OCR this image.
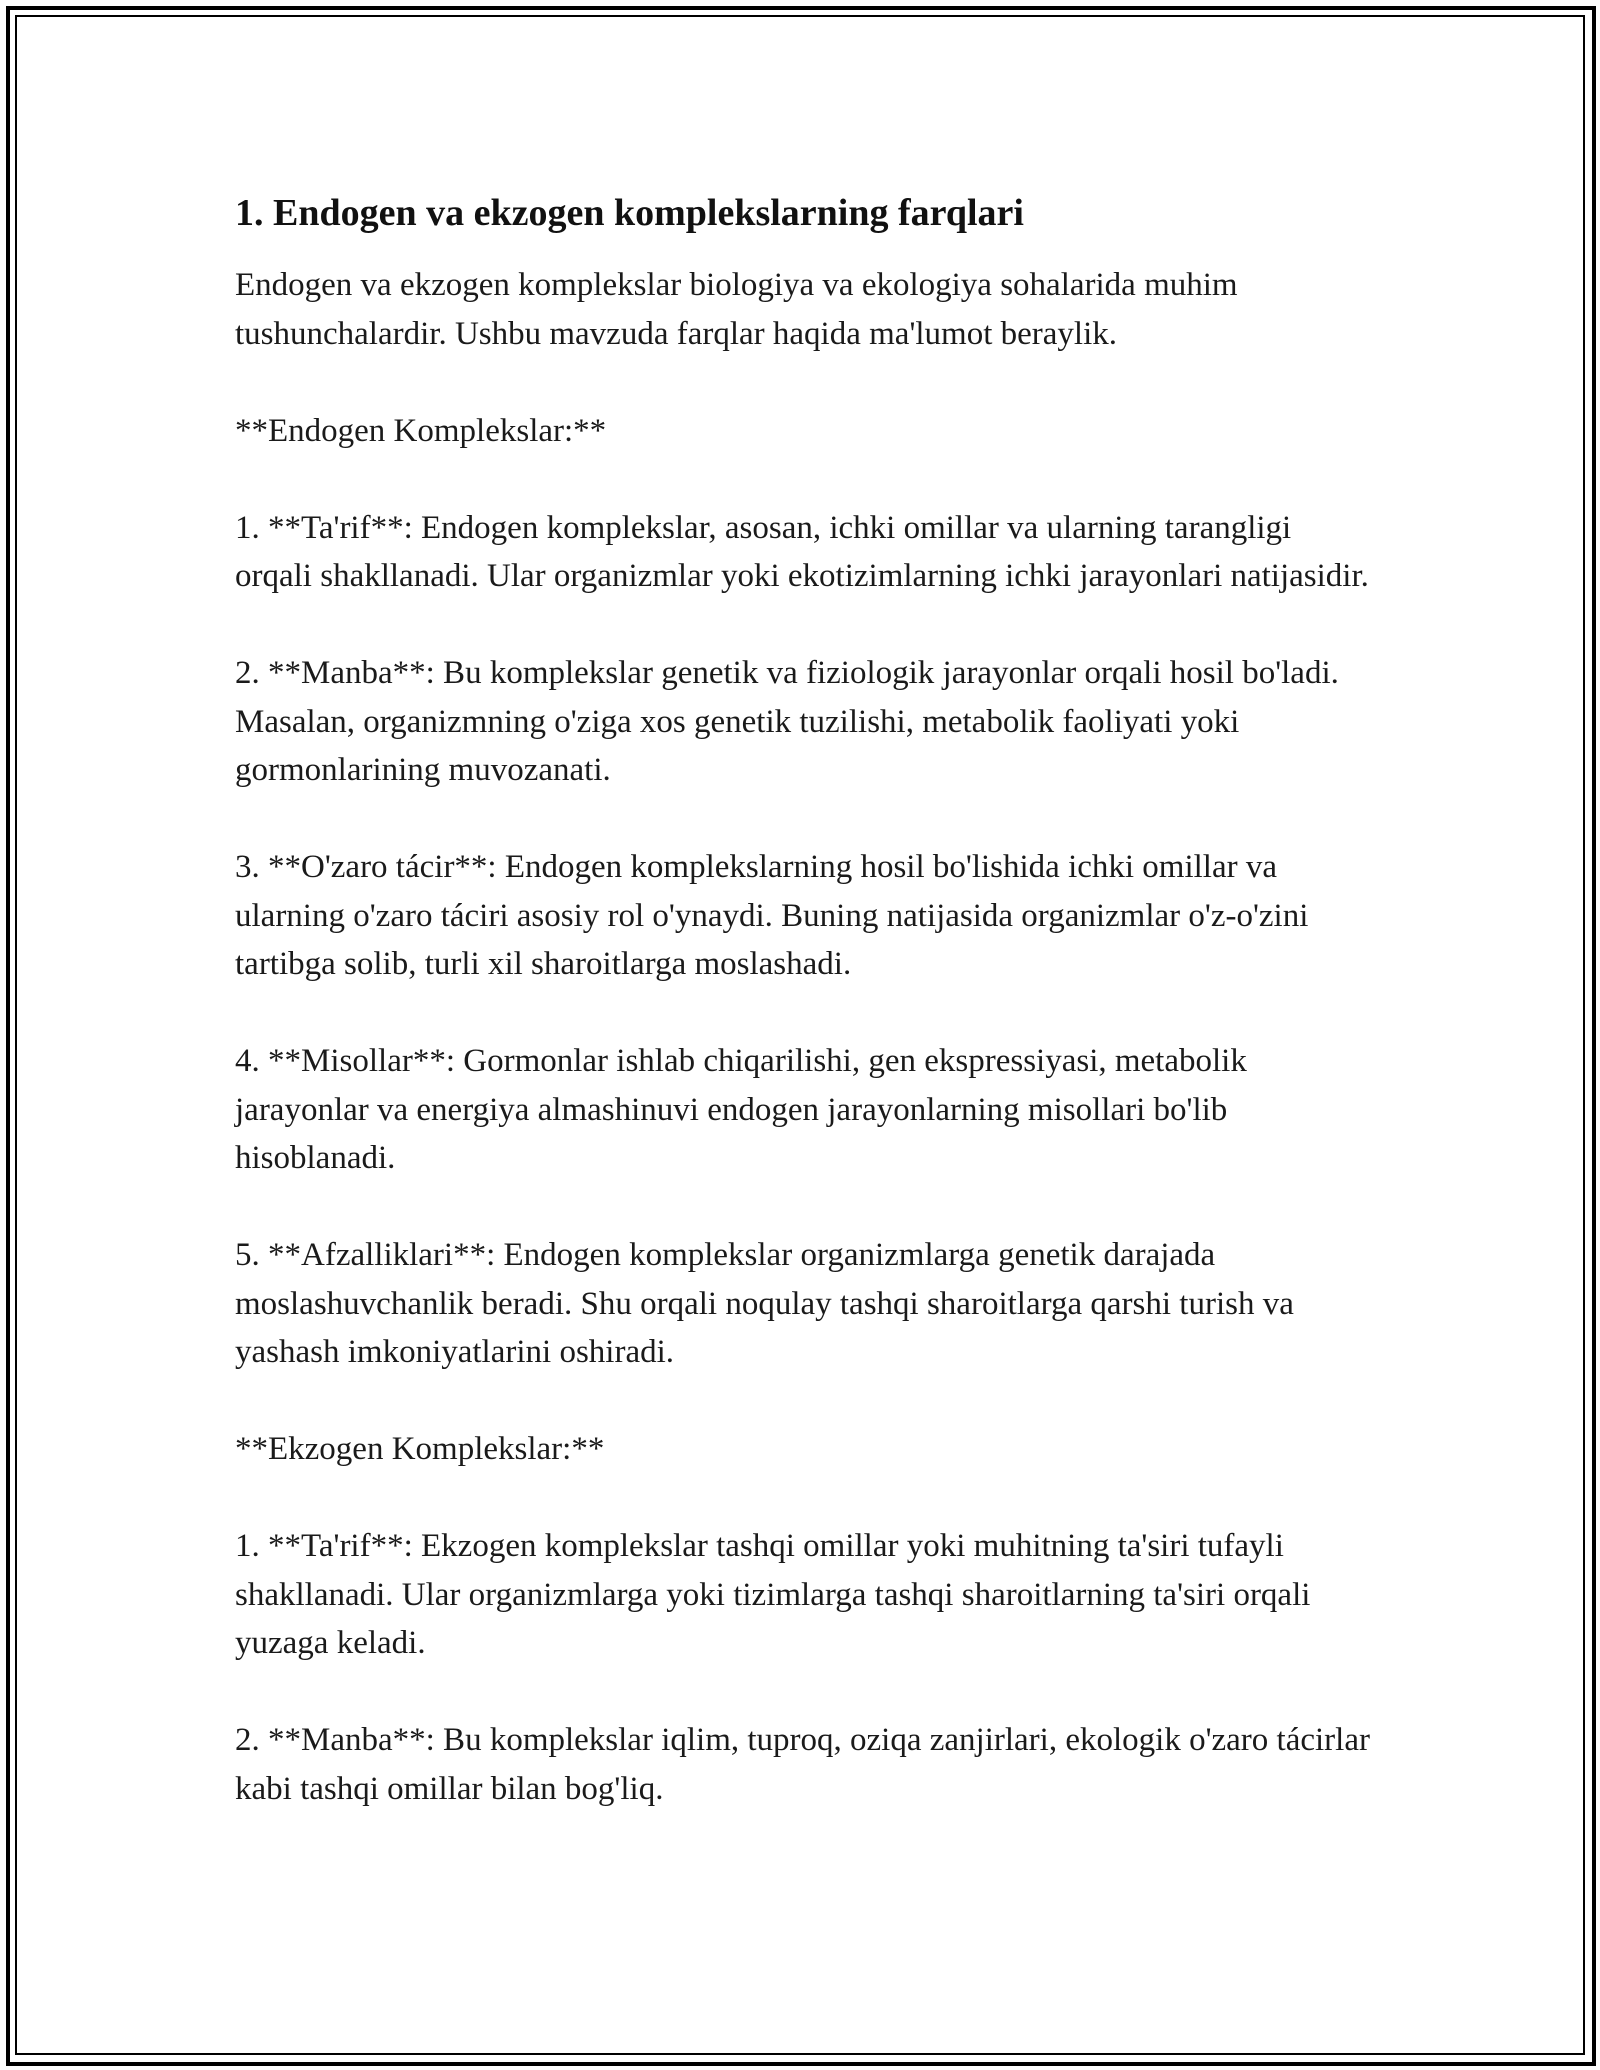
1. Endogen va ekzogen komplekslarning farqlari

Endogen va ekzogen komplekslar biologiya va ekologiya sohalarida muhim tushunchalardir. Ushbu mavzuda farqlar haqida ma'lumot beraylik.

**Endogen Komplekslar:**

1. **Ta'rif**: Endogen komplekslar, asosan, ichki omillar va ularning tarangligi orqali shakllanadi. Ular organizmlar yoki ekotizimlarning ichki jarayonlari natijasidir.

2. **Manba**: Bu komplekslar genetik va fiziologik jarayonlar orqali hosil bo'ladi. Masalan, organizmning o'ziga xos genetik tuzilishi, metabolik faoliyati yoki gormonlarining muvozanati.

3. **O'zaro tácir**: Endogen komplekslarning hosil bo'lishida ichki omillar va ularning o'zaro táciri asosiy rol o'ynaydi. Buning natijasida organizmlar o'z-o'zini tartibga solib, turli xil sharoitlarga moslashadi.

4. **Misollar**: Gormonlar ishlab chiqarilishi, gen ekspressiyasi, metabolik jarayonlar va energiya almashinuvi endogen jarayonlarning misollari bo'lib hisoblanadi.

5. **Afzalliklari**: Endogen komplekslar organizmlarga genetik darajada moslashuvchanlik beradi. Shu orqali noqulay tashqi sharoitlarga qarshi turish va yashash imkoniyatlarini oshiradi.

**Ekzogen Komplekslar:**

1. **Ta'rif**: Ekzogen komplekslar tashqi omillar yoki muhitning ta'siri tufayli shakllanadi. Ular organizmlarga yoki tizimlarga tashqi sharoitlarning ta'siri orqali yuzaga keladi.

2. **Manba**: Bu komplekslar iqlim, tuproq, oziqa zanjirlari, ekologik o'zaro tácirlar kabi tashqi omillar bilan bog'liq.
